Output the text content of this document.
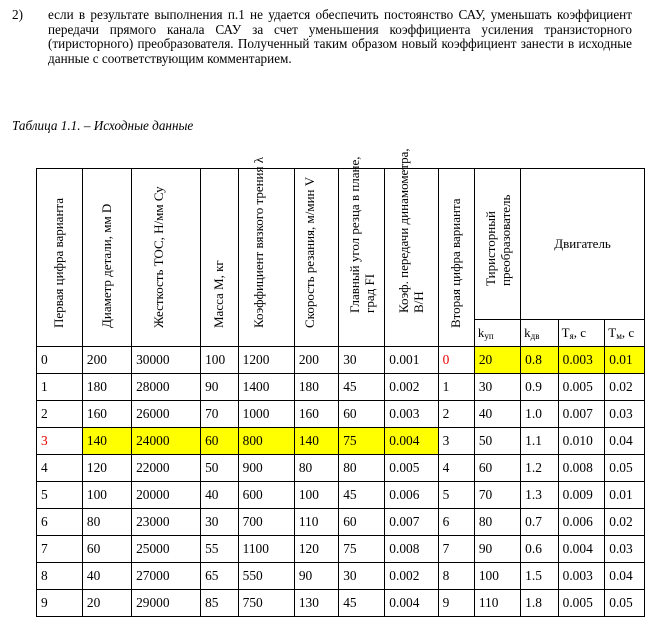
2) если в результате выполнения п.1 не удается обеспечить постоянство САУ, уменьшать коэффициент передачи прямого канала САУ за счет уменьшения коэффициента усиления транзисторного (тиристорного) преобразователя. Полученный таким образом новый коэффициент занести в исходные данные с соответствующим комментарием.
Таблица 1.1. – Исходные данные
Первая цифра варианта	Диаметр детали, мм D	Жесткость ТОС, Н/мм Су	Масса М, кг	Коэффициент вязкого трения λ	Скорость резания, м/мин V	Главный угол резца в плане, град FI	Коэф. передачи динамометра, В/Н	Вторая цифра варианта	Тиристорный преобразователь	Двигатель		
									$k_{уп}$	$k_{дв}$	$T_я$, с	$T_м$, с
0	200	30000	100	1200	200	30	0.001	0	20	0.8	0.003	0.01
1	180	28000	90	1400	180	45	0.002	1	30	0.9	0.005	0.02
2	160	26000	70	1000	160	60	0.003	2	40	1.0	0.007	0.03
3	140	24000	60	800	140	75	0.004	3	50	1.1	0.010	0.04
4	120	22000	50	900	80	80	0.005	4	60	1.2	0.008	0.05
5	100	20000	40	600	100	45	0.006	5	70	1.3	0.009	0.01
6	80	23000	30	700	110	60	0.007	6	80	0.7	0.006	0.02
7	60	25000	55	1100	120	75	0.008	7	90	0.6	0.004	0.03
8	40	27000	65	550	90	30	0.002	8	100	1.5	0.003	0.04
9	20	29000	85	750	130	45	0.004	9	110	1.8	0.005	0.05
